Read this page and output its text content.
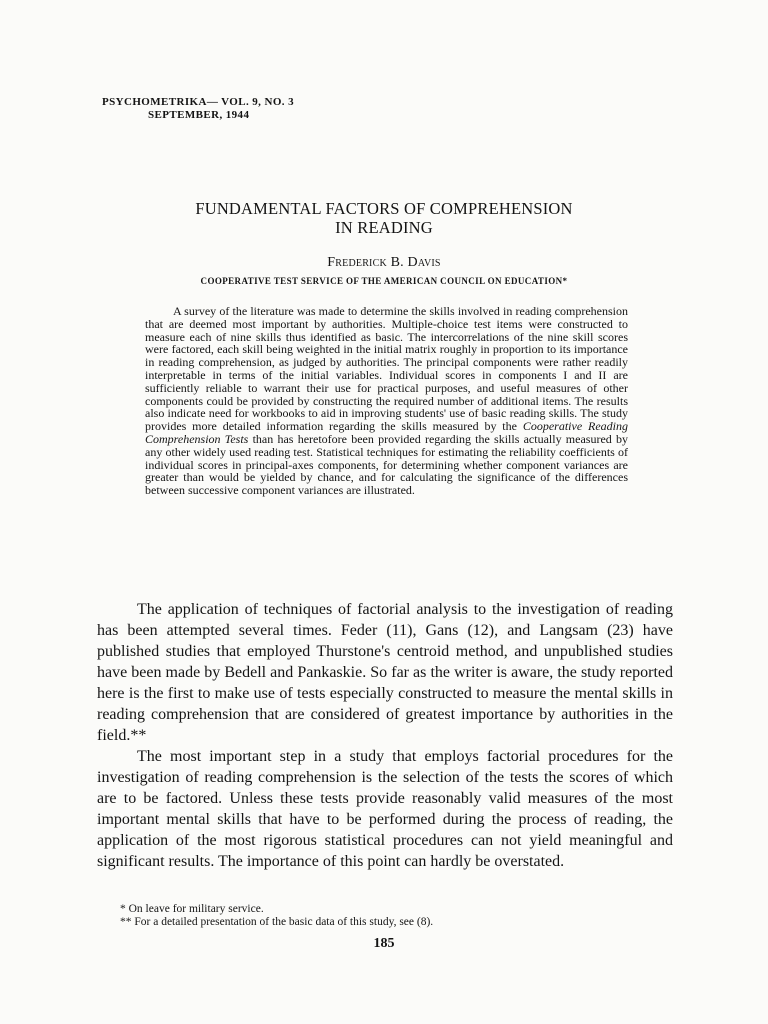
PSYCHOMETRIKA— VOL. 9, NO. 3
SEPTEMBER, 1944
FUNDAMENTAL FACTORS OF COMPREHENSION
IN READING
Frederick B. Davis
COOPERATIVE TEST SERVICE OF THE AMERICAN COUNCIL ON EDUCATION*

A survey of the literature was made to determine the skills involved in reading comprehension that are deemed most important by authorities. Multiple-choice test items were constructed to measure each of nine skills thus identified as basic. The intercorrelations of the nine skill scores were factored, each skill being weighted in the initial matrix roughly in proportion to its importance in reading comprehension, as judged by authorities. The principal components were rather readily interpretable in terms of the initial variables. Individual scores in components I and II are sufficiently reliable to warrant their use for practical purposes, and useful measures of other components could be provided by constructing the required number of additional items. The results also indicate need for workbooks to aid in improving students' use of basic reading skills. The study provides more detailed information regarding the skills measured by the Cooperative Reading Comprehension Tests than has heretofore been provided regarding the skills actually measured by any other widely used reading test. Statistical techniques for estimating the reliability coefficients of individual scores in principal-axes components, for determining whether component variances are greater than would be yielded by chance, and for calculating the significance of the differences between successive component variances are illustrated.

The application of techniques of factorial analysis to the investigation of reading has been attempted several times. Feder (11), Gans (12), and Langsam (23) have published studies that employed Thurstone's centroid method, and unpublished studies have been made by Bedell and Pankaskie. So far as the writer is aware, the study reported here is the first to make use of tests especially constructed to measure the mental skills in reading comprehension that are considered of greatest importance by authorities in the field.**

The most important step in a study that employs factorial procedures for the investigation of reading comprehension is the selection of the tests the scores of which are to be factored. Unless these tests provide reasonably valid measures of the most important mental skills that have to be performed during the process of reading, the application of the most rigorous statistical procedures can not yield meaningful and significant results. The importance of this point can hardly be overstated.

* On leave for military service.
** For a detailed presentation of the basic data of this study, see (8).
185
